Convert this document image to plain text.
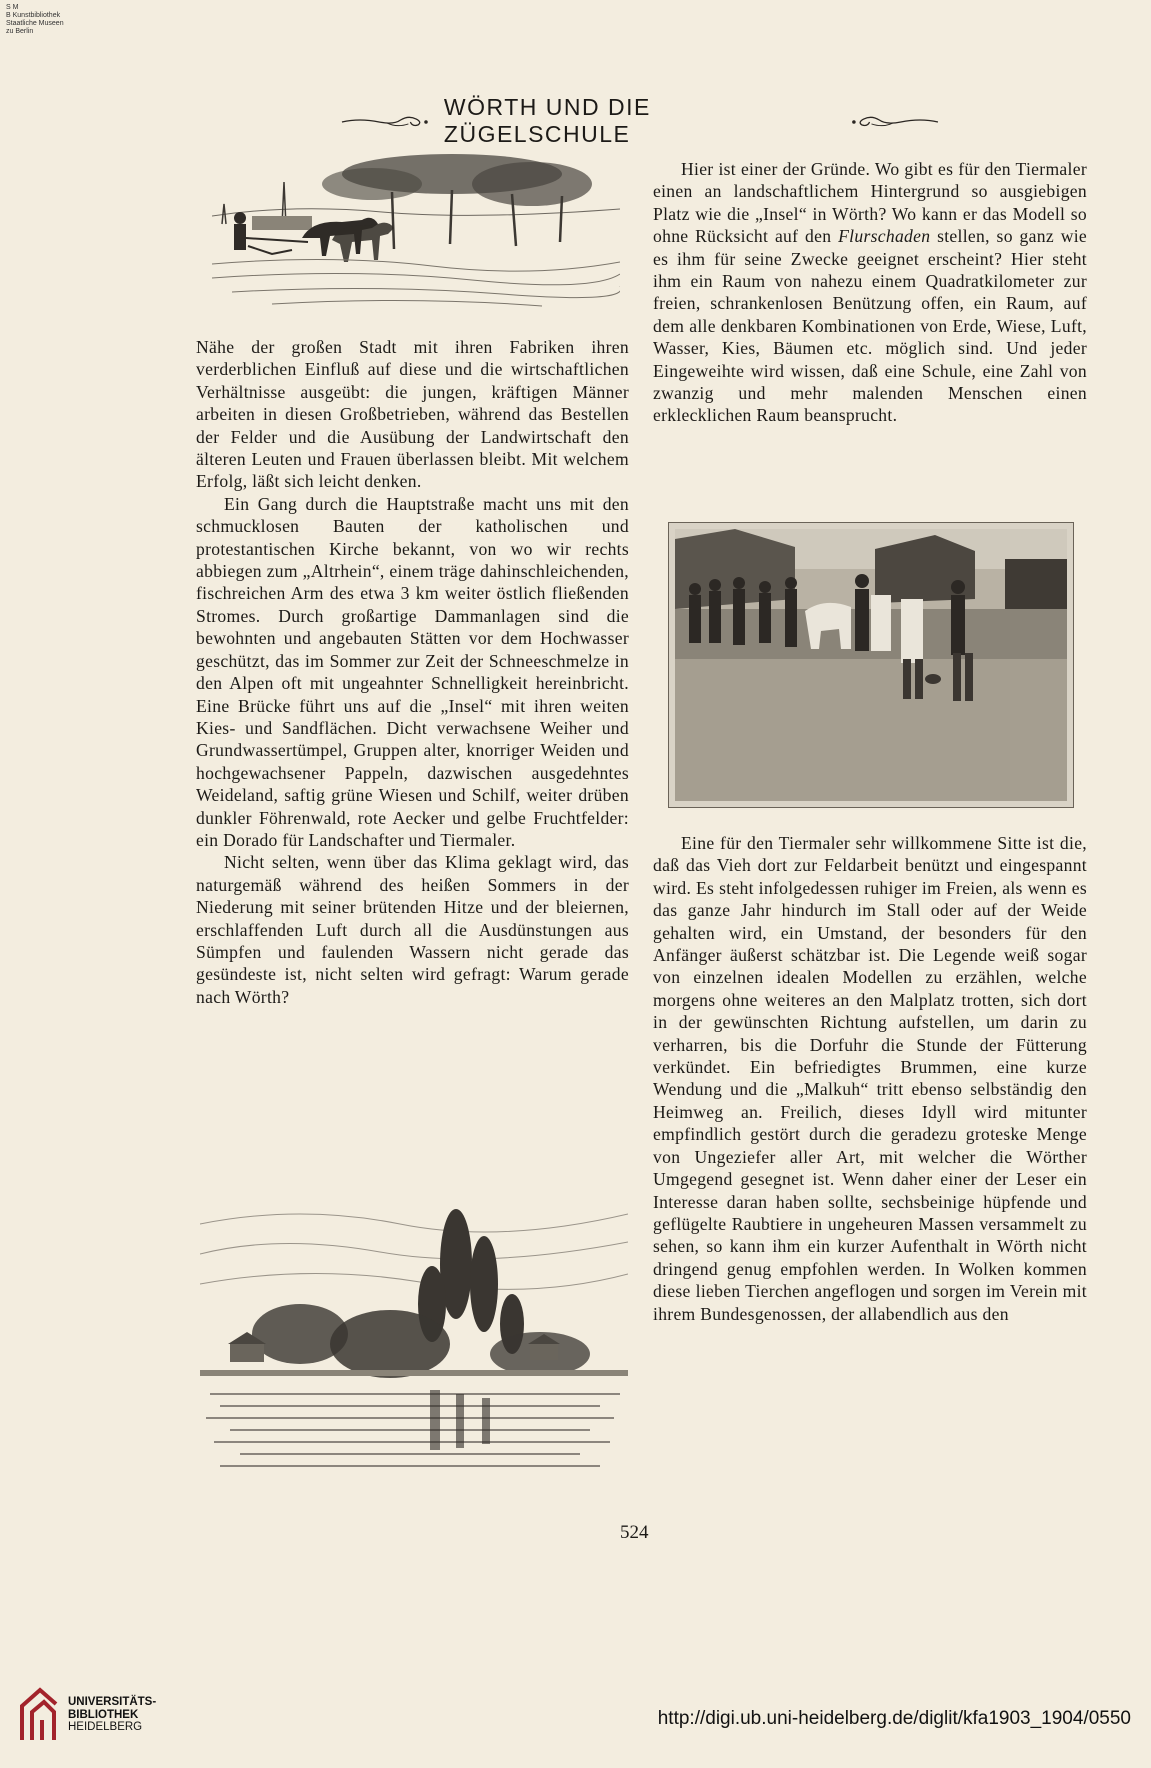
S M
B Kunstbibliothek
Staatliche Museen
zu Berlin
WÖRTH UND DIE ZÜGELSCHULE

Nähe der großen Stadt mit ihren Fabriken ihren verderblichen Einfluß auf diese und die wirtschaftlichen Verhältnisse ausgeübt: die jungen, kräftigen Männer arbeiten in diesen Großbetrieben, während das Bestellen der Felder und die Ausübung der Landwirtschaft den älteren Leuten und Frauen überlassen bleibt. Mit welchem Erfolg, läßt sich leicht denken.

Ein Gang durch die Hauptstraße macht uns mit den schmucklosen Bauten der katholischen und protestantischen Kirche bekannt, von wo wir rechts abbiegen zum „Altrhein“, einem träge dahinschleichenden, fischreichen Arm des etwa 3 km weiter östlich fließenden Stromes. Durch großartige Dammanlagen sind die bewohnten und angebauten Stätten vor dem Hochwasser geschützt, das im Sommer zur Zeit der Schneeschmelze in den Alpen oft mit ungeahnter Schnelligkeit hereinbricht. Eine Brücke führt uns auf die „Insel“ mit ihren weiten Kies- und Sandflächen. Dicht verwachsene Weiher und Grundwassertümpel, Gruppen alter, knorriger Weiden und hochgewachsener Pappeln, dazwischen ausgedehntes Weideland, saftig grüne Wiesen und Schilf, weiter drüben dunkler Föhrenwald, rote Aecker und gelbe Fruchtfelder: ein Dorado für Landschafter und Tiermaler.

Nicht selten, wenn über das Klima geklagt wird, das naturgemäß während des heißen Sommers in der Niederung mit seiner brütenden Hitze und der bleiernen, erschlaffenden Luft durch all die Ausdünstungen aus Sümpfen und faulenden Wassern nicht gerade das gesündeste ist, nicht selten wird gefragt: Warum gerade nach Wörth?

Hier ist einer der Gründe. Wo gibt es für den Tiermaler einen an landschaftlichem Hintergrund so ausgiebigen Platz wie die „Insel“ in Wörth? Wo kann er das Modell so ohne Rücksicht auf den Flurschaden stellen, so ganz wie es ihm für seine Zwecke geeignet erscheint? Hier steht ihm ein Raum von nahezu einem Quadratkilometer zur freien, schrankenlosen Benützung offen, ein Raum, auf dem alle denkbaren Kombinationen von Erde, Wiese, Luft, Wasser, Kies, Bäumen etc. möglich sind. Und jeder Eingeweihte wird wissen, daß eine Schule, eine Zahl von zwanzig und mehr malenden Menschen einen erklecklichen Raum beansprucht.

Eine für den Tiermaler sehr willkommene Sitte ist die, daß das Vieh dort zur Feldarbeit benützt und eingespannt wird. Es steht infolgedessen ruhiger im Freien, als wenn es das ganze Jahr hindurch im Stall oder auf der Weide gehalten wird, ein Umstand, der besonders für den Anfänger äußerst schätzbar ist. Die Legende weiß sogar von einzelnen idealen Modellen zu erzählen, welche morgens ohne weiteres an den Malplatz trotten, sich dort in der gewünschten Richtung aufstellen, um darin zu verharren, bis die Dorfuhr die Stunde der Fütterung verkündet. Ein befriedigtes Brummen, eine kurze Wendung und die „Malkuh“ tritt ebenso selbständig den Heimweg an. Freilich, dieses Idyll wird mitunter empfindlich gestört durch die geradezu groteske Menge von Ungeziefer aller Art, mit welcher die Wörther Umgegend gesegnet ist. Wenn daher einer der Leser ein Interesse daran haben sollte, sechsbeinige hüpfende und geflügelte Raubtiere in ungeheuren Massen versammelt zu sehen, so kann ihm ein kurzer Aufenthalt in Wörth nicht dringend genug empfohlen werden. In Wolken kommen diese lieben Tierchen angeflogen und sorgen im Verein mit ihrem Bundesgenossen, der allabendlich aus den

524
UNIVERSITÄTS-
BIBLIOTHEK
HEIDELBERG	http://digi.ub.uni-heidelberg.de/diglit/kfa1903_1904/0550
